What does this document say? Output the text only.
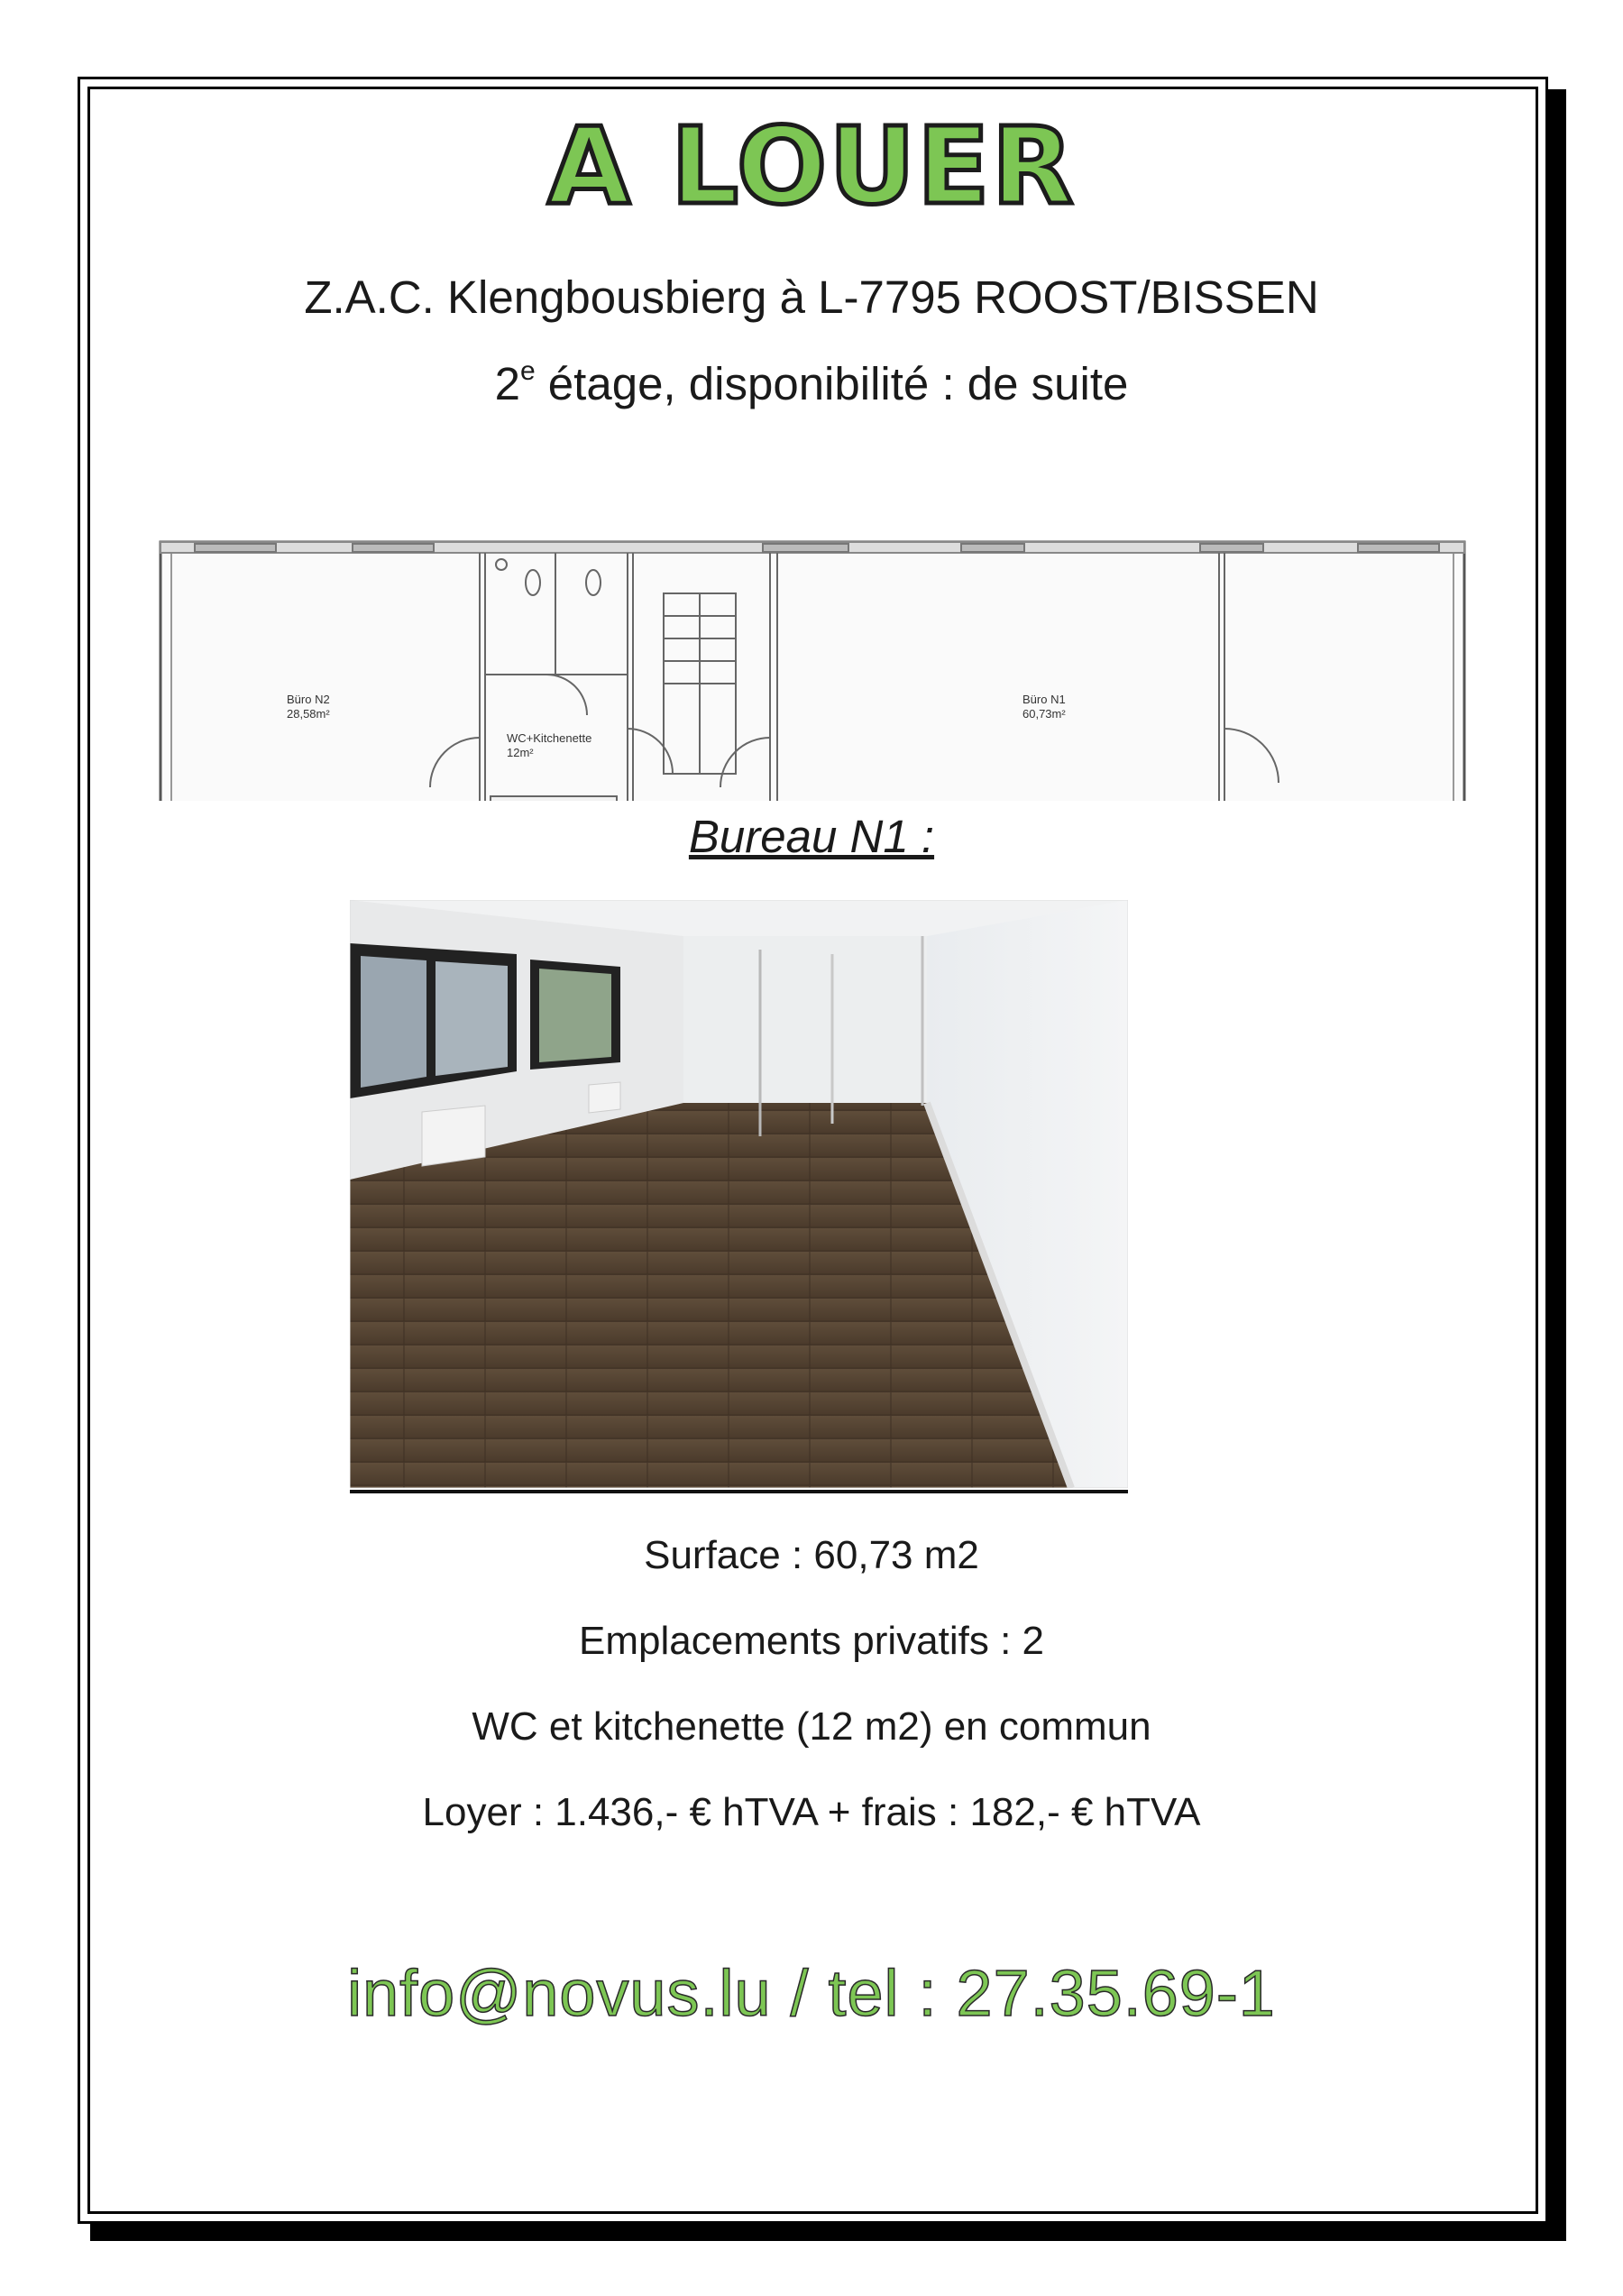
A LOUER
Z.A.C. Klengbousbierg à L-7795 ROOST/BISSEN
2e étage, disponibilité : de suite
Büro N2
28,58m²
WC+Kitchenette
12m²
Büro N1
60,73m²
Bureau N1 :
Surface : 60,73 m2
Emplacements privatifs : 2
WC et kitchenette (12 m2) en commun
Loyer : 1.436,- € hTVA + frais : 182,- € hTVA
info@novus.lu / tel : 27.35.69-1
